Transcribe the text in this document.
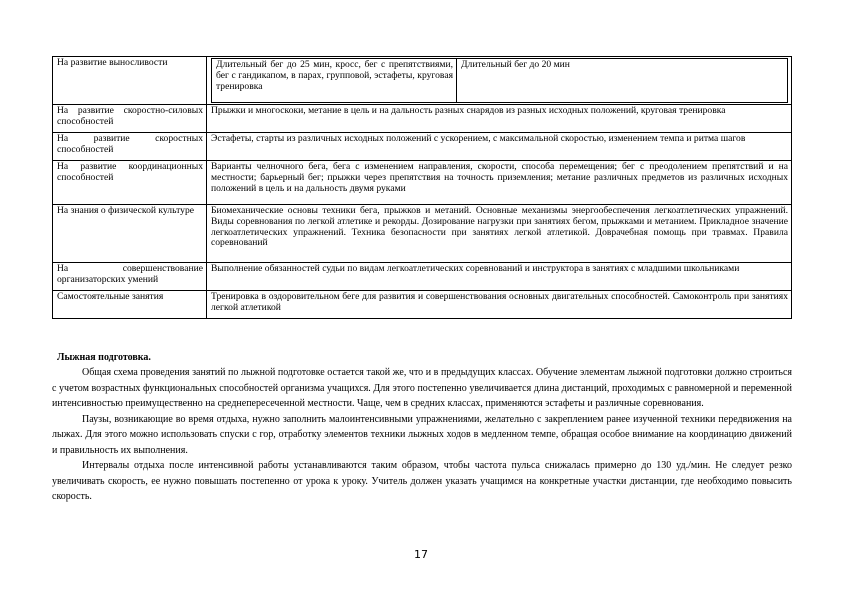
На развитие выносливости		Длительный бег до 25 мин, кросс, бег с препятствиями, бег с гандикапом, в парах, групповой, эстафеты, круговая тренировка	Длительный бег до 20 мин

На развитие скоростно-силовых способностей	Прыжки и многоскоки, метание в цель и на дальность разных снарядов из разных исходных положений, круговая тренировка
На развитие скоростных способностей	Эстафеты, старты из различных исходных положений с ускорением, с максимальной скоростью, изменением темпа и ритма шагов
На развитие координационных способностей	Варианты челночного бега, бега с изменением направления, скорости, способа перемещения; бег с преодолением препятствий и на местности; барьерный бег; прыжки через препятствия на точность приземления; метание различных предметов из различных исходных положений в цель и на дальность двумя руками
На знания о физической культуре	Биомеханические основы техники бега, прыжков и метаний. Основные механизмы энергообеспечения легкоатлетических упражнений. Виды соревнования по легкой атлетике и рекорды. Дозирование нагрузки при занятиях бегом, прыжками и метанием. Прикладное значение легкоатлетических упражнений. Техника безопасности при занятиях легкой атлетикой. Доврачебная помощь при травмах. Правила соревнований
На совершенствование организаторских умений	Выполнение обязанностей судьи по видам легкоатлетических соревнований и инструктора в занятиях с младшими школьниками
Самостоятельные занятия	Тренировка в оздоровительном беге для развития и совершенствования основных двигательных способностей. Самоконтроль при занятиях легкой атлетикой
Лыжная подготовка.
Общая схема проведения занятий по лыжной подготовке остается такой же, что и в предыдущих классах. Обучение элементам лыжной подготовки должно строиться с учетом возрастных функциональных способностей организма учащихся. Для этого постепенно увеличивается длина дистанций, проходимых с равномерной и переменной интенсивностью преимущественно на среднепересеченной местности. Чаще, чем в средних классах, применяются эстафеты и различные соревнования.
Паузы, возникающие во время отдыха, нужно заполнить малоинтенсивными упражнениями, желательно с закреплением ранее изученной техники передвижения на лыжах. Для этого можно использовать спуски с гор, отработку элементов техники лыжных ходов в медленном темпе, обращая особое внимание на координацию движений и правильность их выполнения.
Интервалы отдыха после интенсивной работы устанавливаются таким образом, чтобы частота пульса снижалась примерно до 130 уд./мин. Не следует резко увеличивать скорость, ее нужно повышать постепенно от урока к уроку. Учитель должен указать учащимся на конкретные участки дистанции, где необходимо повысить скорость.
17
